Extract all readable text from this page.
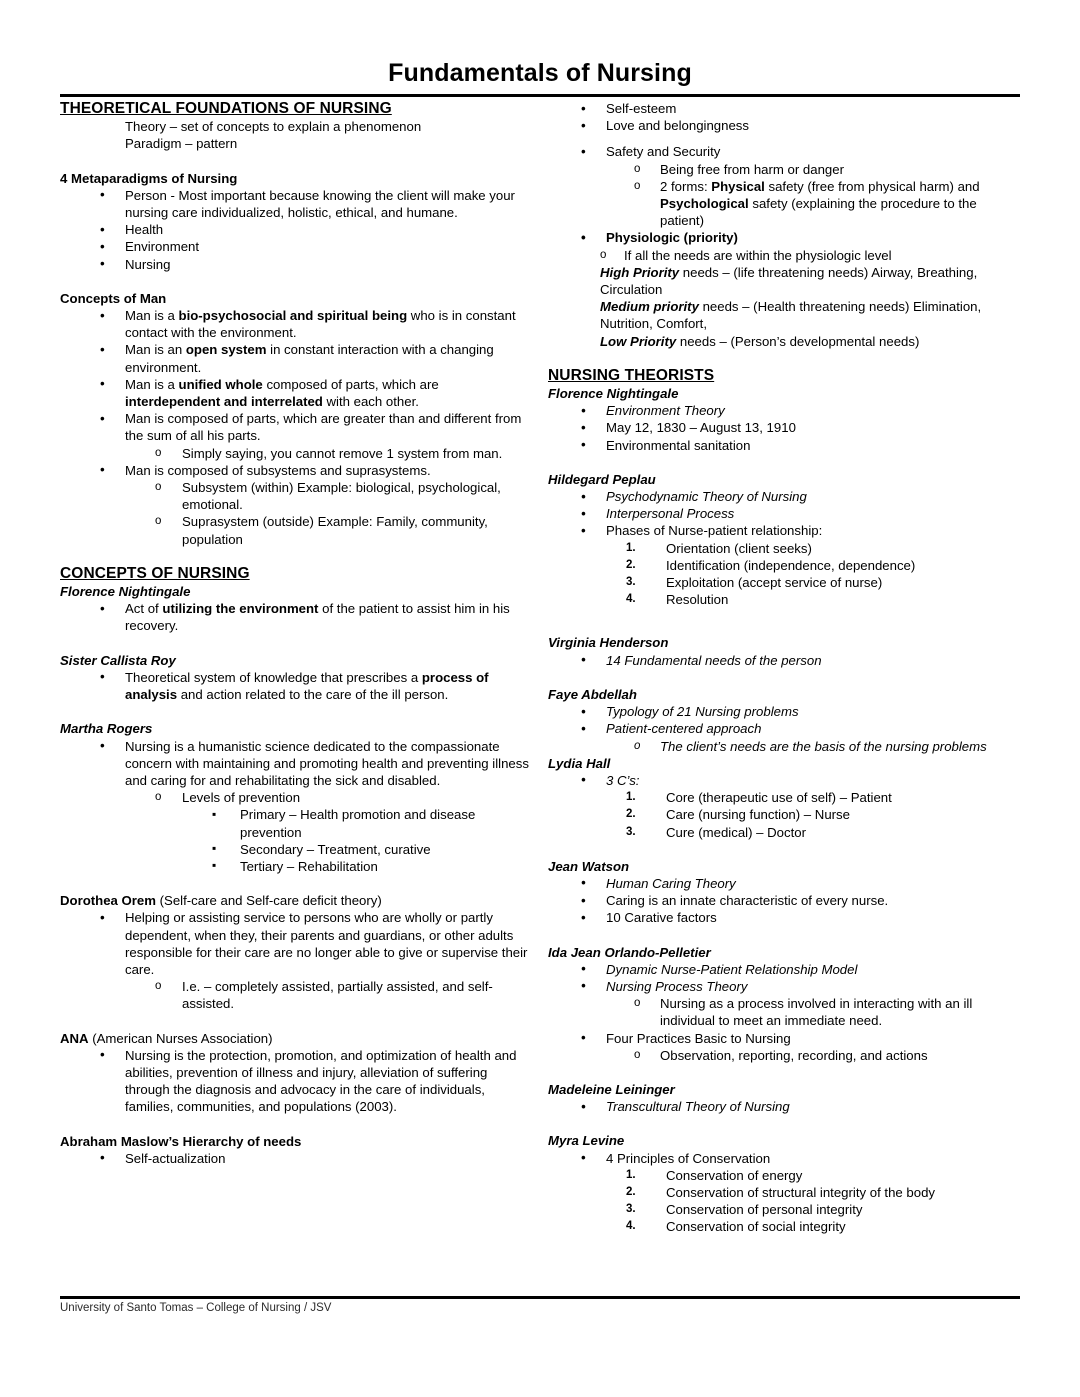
Fundamentals of Nursing
THEORETICAL FOUNDATIONS OF NURSING
Theory – set of concepts to explain a phenomenon
Paradigm – pattern
4 Metaparadigms of Nursing
• Person - Most important because knowing the client will make your nursing care individualized, holistic, ethical, and humane.
• Health
• Environment
• Nursing
Concepts of Man
• Man is a bio-psychosocial and spiritual being who is in constant contact with the environment.
• Man is an open system in constant interaction with a changing environment.
• Man is a unified whole composed of parts, which are interdependent and interrelated with each other.
• Man is composed of parts, which are greater than and different from the sum of all his parts.
o Simply saying, you cannot remove 1 system from man.
• Man is composed of subsystems and suprasystems.
o Subsystem (within) Example: biological, psychological, emotional.
o Suprasystem (outside) Example: Family, community, population
CONCEPTS OF NURSING
Florence Nightingale
• Act of utilizing the environment of the patient to assist him in his recovery.
Sister Callista Roy
• Theoretical system of knowledge that prescribes a process of analysis and action related to the care of the ill person.
Martha Rogers
• Nursing is a humanistic science dedicated to the compassionate concern with maintaining and promoting health and preventing illness and caring for and rehabilitating the sick and disabled.
o Levels of prevention
▪ Primary – Health promotion and disease prevention
▪ Secondary – Treatment, curative
▪ Tertiary – Rehabilitation
Dorothea Orem (Self-care and Self-care deficit theory)
• Helping or assisting service to persons who are wholly or partly dependent, when they, their parents and guardians, or other adults responsible for their care are no longer able to give or supervise their care.
o I.e. – completely assisted, partially assisted, and self-assisted.
ANA (American Nurses Association)
• Nursing is the protection, promotion, and optimization of health and abilities, prevention of illness and injury, alleviation of suffering through the diagnosis and advocacy in the care of individuals, families, communities, and populations (2003).
Abraham Maslow’s Hierarchy of needs
• Self-actualization
• Self-esteem
• Love and belongingness
• Safety and Security
o Being free from harm or danger
o 2 forms: Physical safety (free from physical harm) and Psychological safety (explaining the procedure to the patient)
• Physiologic (priority)
o If all the needs are within the physiologic level
High Priority needs – (life threatening needs) Airway, Breathing, Circulation
Medium priority needs – (Health threatening needs) Elimination, Nutrition, Comfort,
Low Priority needs – (Person’s developmental needs)
NURSING THEORISTS
Florence Nightingale
• Environment Theory
• May 12, 1830 – August 13, 1910
• Environmental sanitation
Hildegard Peplau
• Psychodynamic Theory of Nursing
• Interpersonal Process
• Phases of Nurse-patient relationship:
1. Orientation (client seeks)
2. Identification (independence, dependence)
3. Exploitation (accept service of nurse)
4. Resolution
Virginia Henderson
• 14 Fundamental needs of the person
Faye Abdellah
• Typology of 21 Nursing problems
• Patient-centered approach
o The client’s needs are the basis of the nursing problems
Lydia Hall
• 3 C’s:
1. Core (therapeutic use of self) – Patient
2. Care (nursing function) – Nurse
3. Cure (medical) – Doctor
Jean Watson
• Human Caring Theory
• Caring is an innate characteristic of every nurse.
• 10 Carative factors
Ida Jean Orlando-Pelletier
• Dynamic Nurse-Patient Relationship Model
• Nursing Process Theory
o Nursing as a process involved in interacting with an ill individual to meet an immediate need.
• Four Practices Basic to Nursing
o Observation, reporting, recording, and actions
Madeleine Leininger
• Transcultural Theory of Nursing
Myra Levine
• 4 Principles of Conservation
1. Conservation of energy
2. Conservation of structural integrity of the body
3. Conservation of personal integrity
4. Conservation of social integrity
University of Santo Tomas – College of Nursing / JSV
